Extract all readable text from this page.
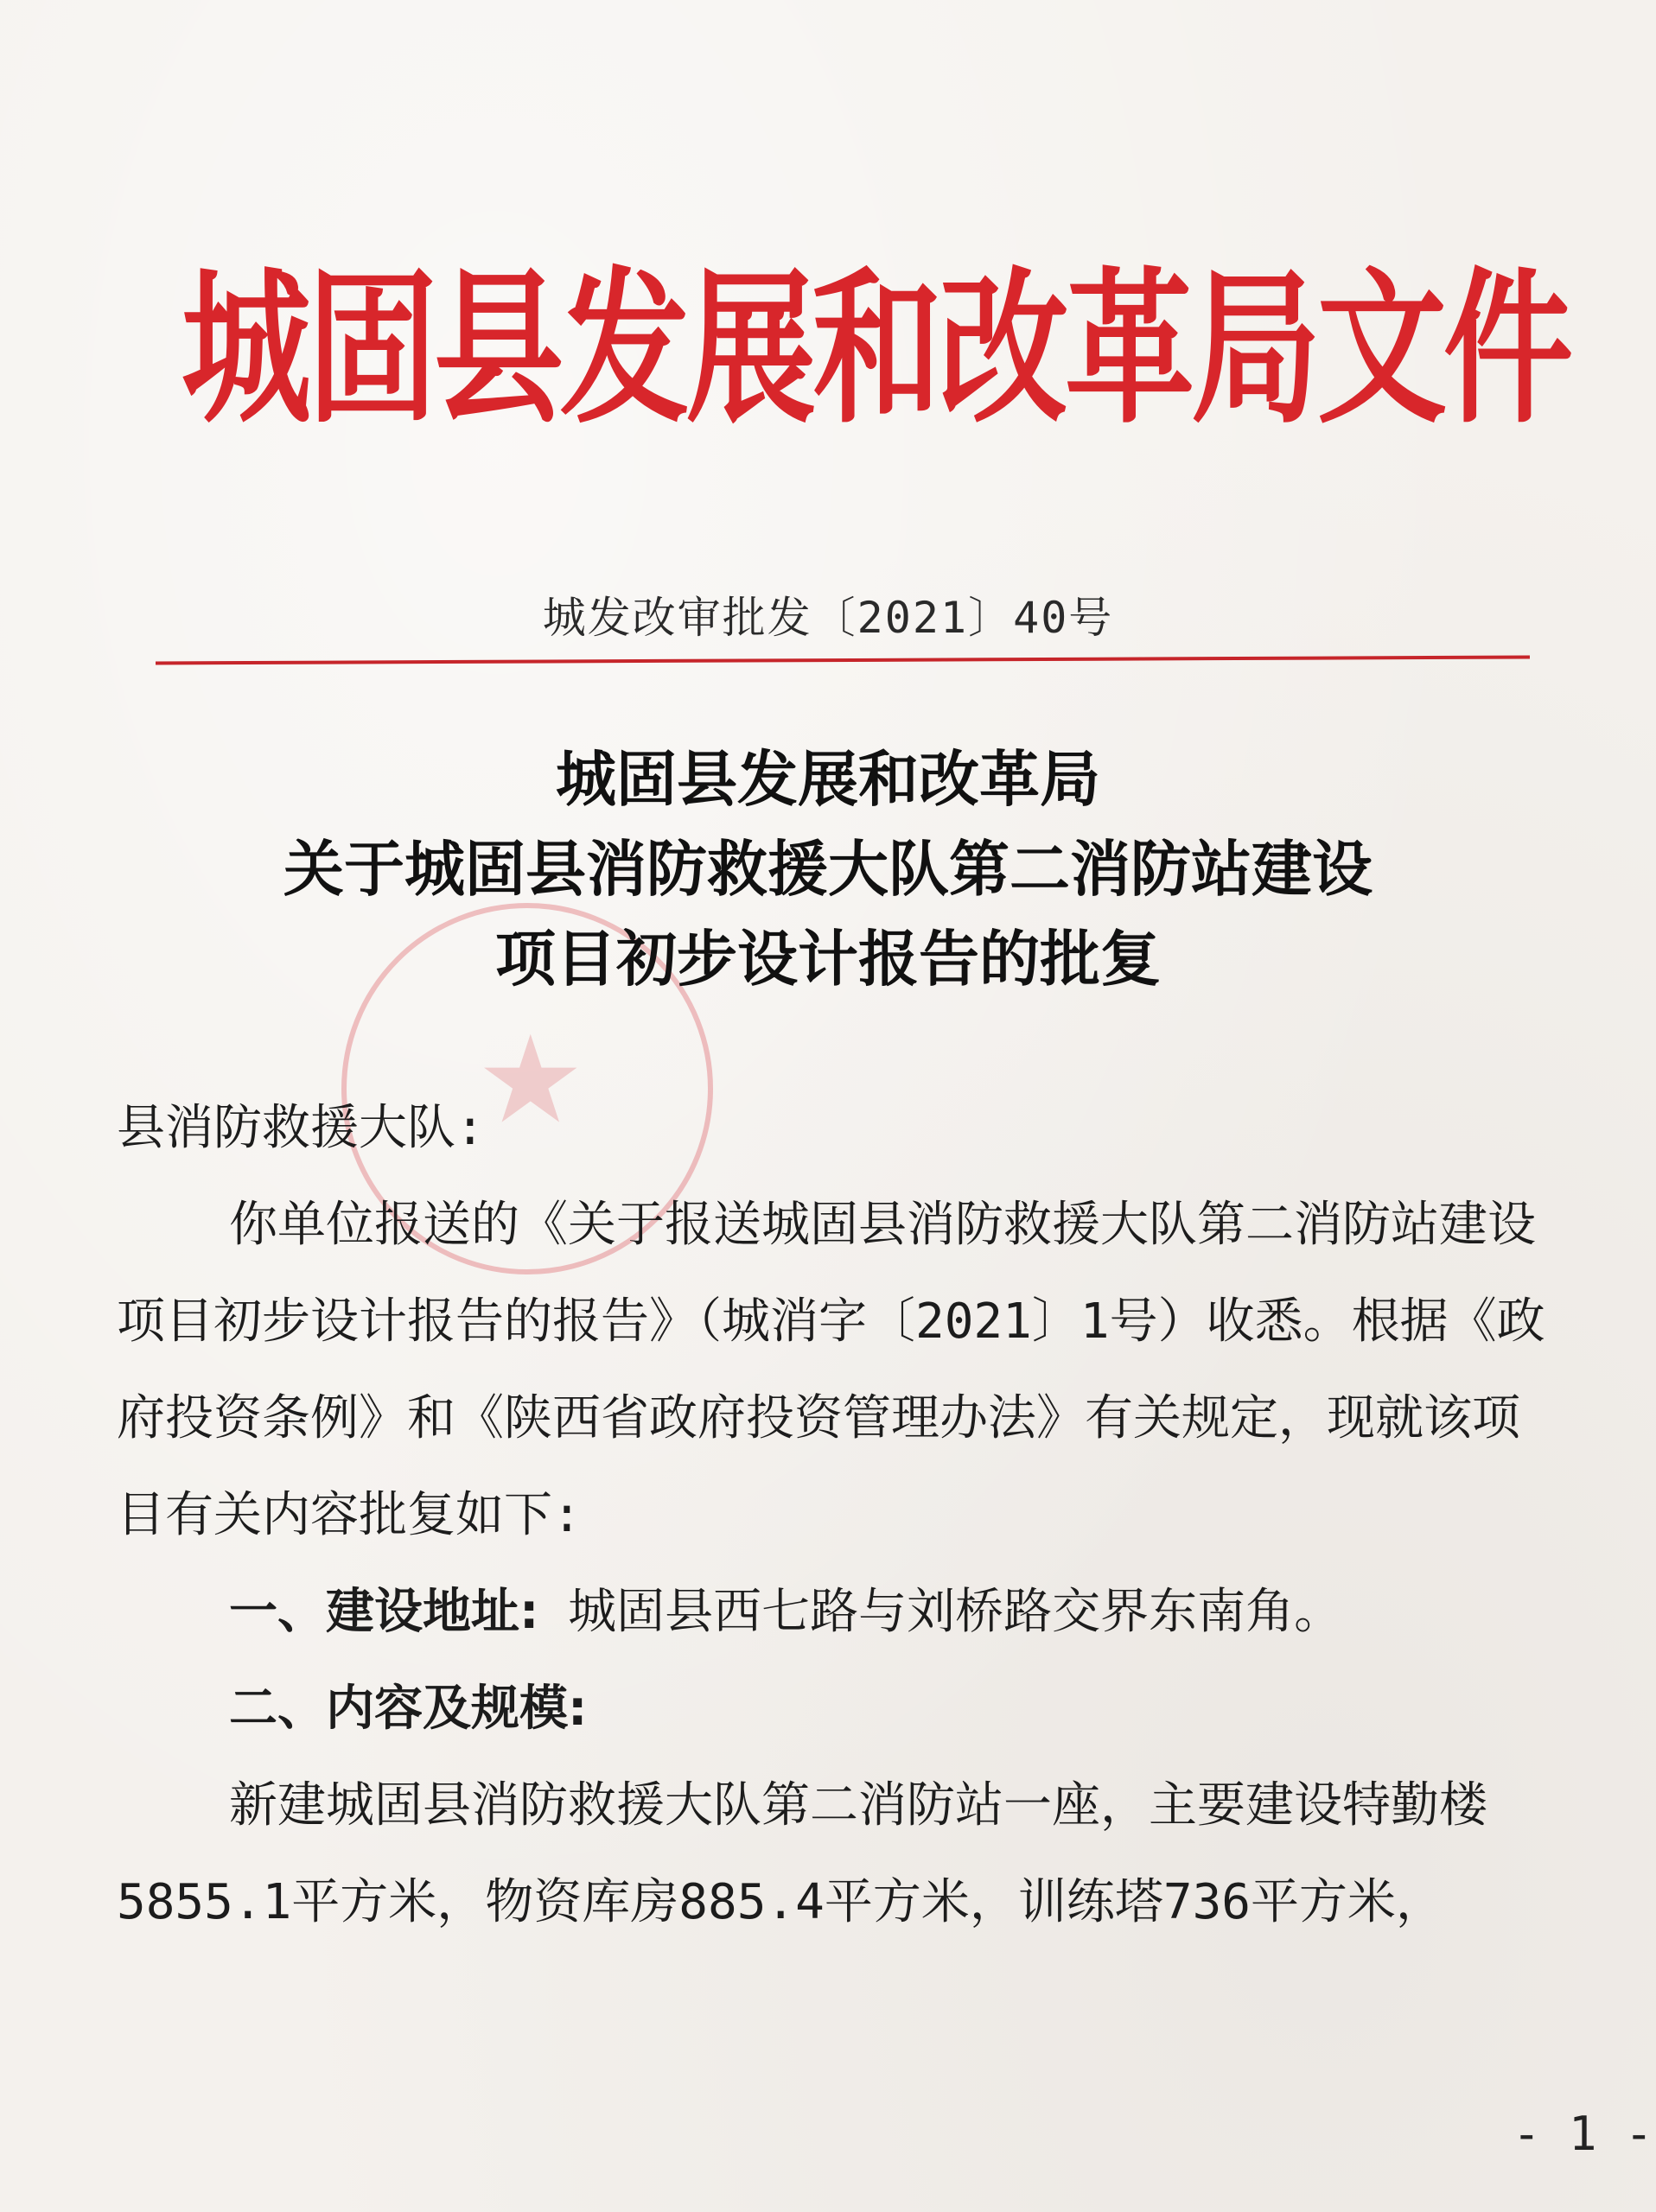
城固县发展和改革局文件
城发改审批发〔2021〕40号
★
城固县发展和改革局
关于城固县消防救援大队第二消防站建设
项目初步设计报告的批复

县消防救援大队:

你单位报送的《关于报送城固县消防救援大队第二消防站建设项目初步设计报告的报告》（城消字〔2021〕1号）收悉。根据《政府投资条例》和《陕西省政府投资管理办法》有关规定，现就该项目有关内容批复如下:

一、建设地址: 城固县西七路与刘桥路交界东南角。

二、内容及规模:

新建城固县消防救援大队第二消防站一座，主要建设特勤楼5855.1平方米，物资库房885.4平方米，训练塔736平方米，

- 1 -
